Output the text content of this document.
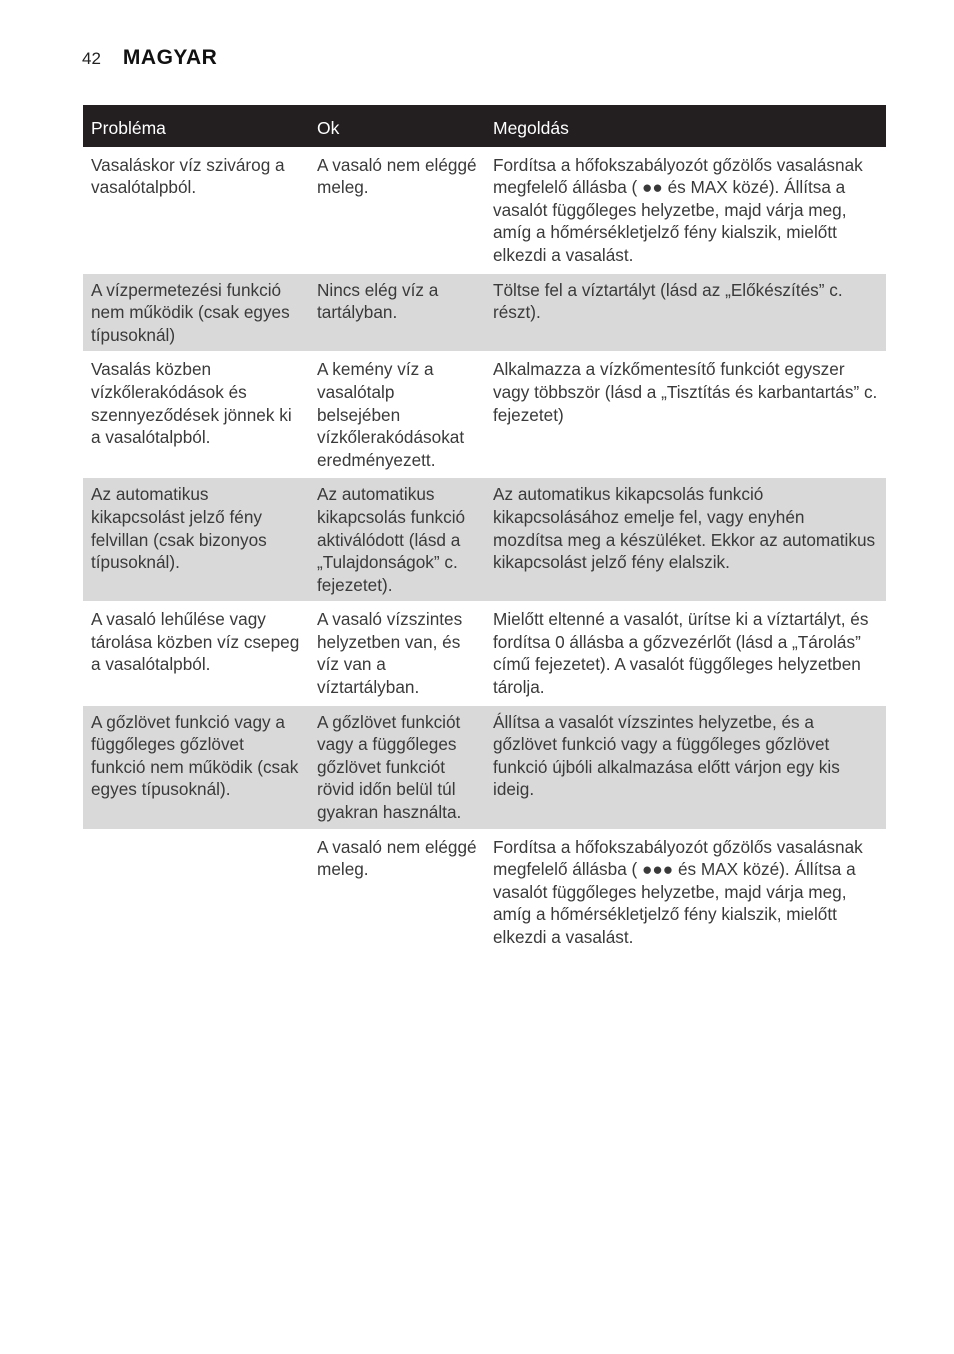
42 MAGYAR
Probléma	Ok	Megoldás
Vasaláskor víz szivárog a vasalótalpból.	A vasaló nem eléggé meleg.	Fordítsa a hőfokszabályozót gőzölős vasalásnak megfelelő állásba ( ●● és MAX közé). Állítsa a vasalót függőleges helyzetbe, majd várja meg, amíg a hőmérsékletjelző fény kialszik, mielőtt elkezdi a vasalást.
A vízpermetezési funkció nem működik (csak egyes típusoknál)	Nincs elég víz a tartályban.	Töltse fel a víztartályt (lásd az „Előkészítés” c. részt).
Vasalás közben vízkőlerakódások és szennyeződések jönnek ki a vasalótalpból.	A kemény víz a vasalótalp belsejében vízkőlerakódásokat eredményezett.	Alkalmazza a vízkőmentesítő funkciót egyszer vagy többször (lásd a „Tisztítás és karbantartás” c. fejezetet)
Az automatikus kikapcsolást jelző fény felvillan (csak bizonyos típusoknál).	Az automatikus kikapcsolás funkció aktiválódott (lásd a „Tulajdonságok” c. fejezetet).	Az automatikus kikapcsolás funkció kikapcsolásához emelje fel, vagy enyhén mozdítsa meg a készüléket. Ekkor az automatikus kikapcsolást jelző fény elalszik.
A vasaló lehűlése vagy tárolása közben víz csepeg a vasalótalpból.	A vasaló vízszintes helyzetben van, és víz van a víztartályban.	Mielőtt eltenné a vasalót, ürítse ki a víztartályt, és fordítsa 0 állásba a gőzvezérlőt (lásd a „Tárolás” című fejezetet). A vasalót függőleges helyzetben tárolja.
A gőzlövet funkció vagy a függőleges gőzlövet funkció nem működik (csak egyes típusoknál).	A gőzlövet funkciót vagy a függőleges gőzlövet funkciót rövid időn belül túl gyakran használta.	Állítsa a vasalót vízszintes helyzetbe, és a gőzlövet funkció vagy a függőleges gőzlövet funkció újbóli alkalmazása előtt várjon egy kis ideig.
	A vasaló nem eléggé meleg.	Fordítsa a hőfokszabályozót gőzölős vasalásnak megfelelő állásba ( ●●● és MAX közé). Állítsa a vasalót függőleges helyzetbe, majd várja meg, amíg a hőmérsékletjelző fény kialszik, mielőtt elkezdi a vasalást.
